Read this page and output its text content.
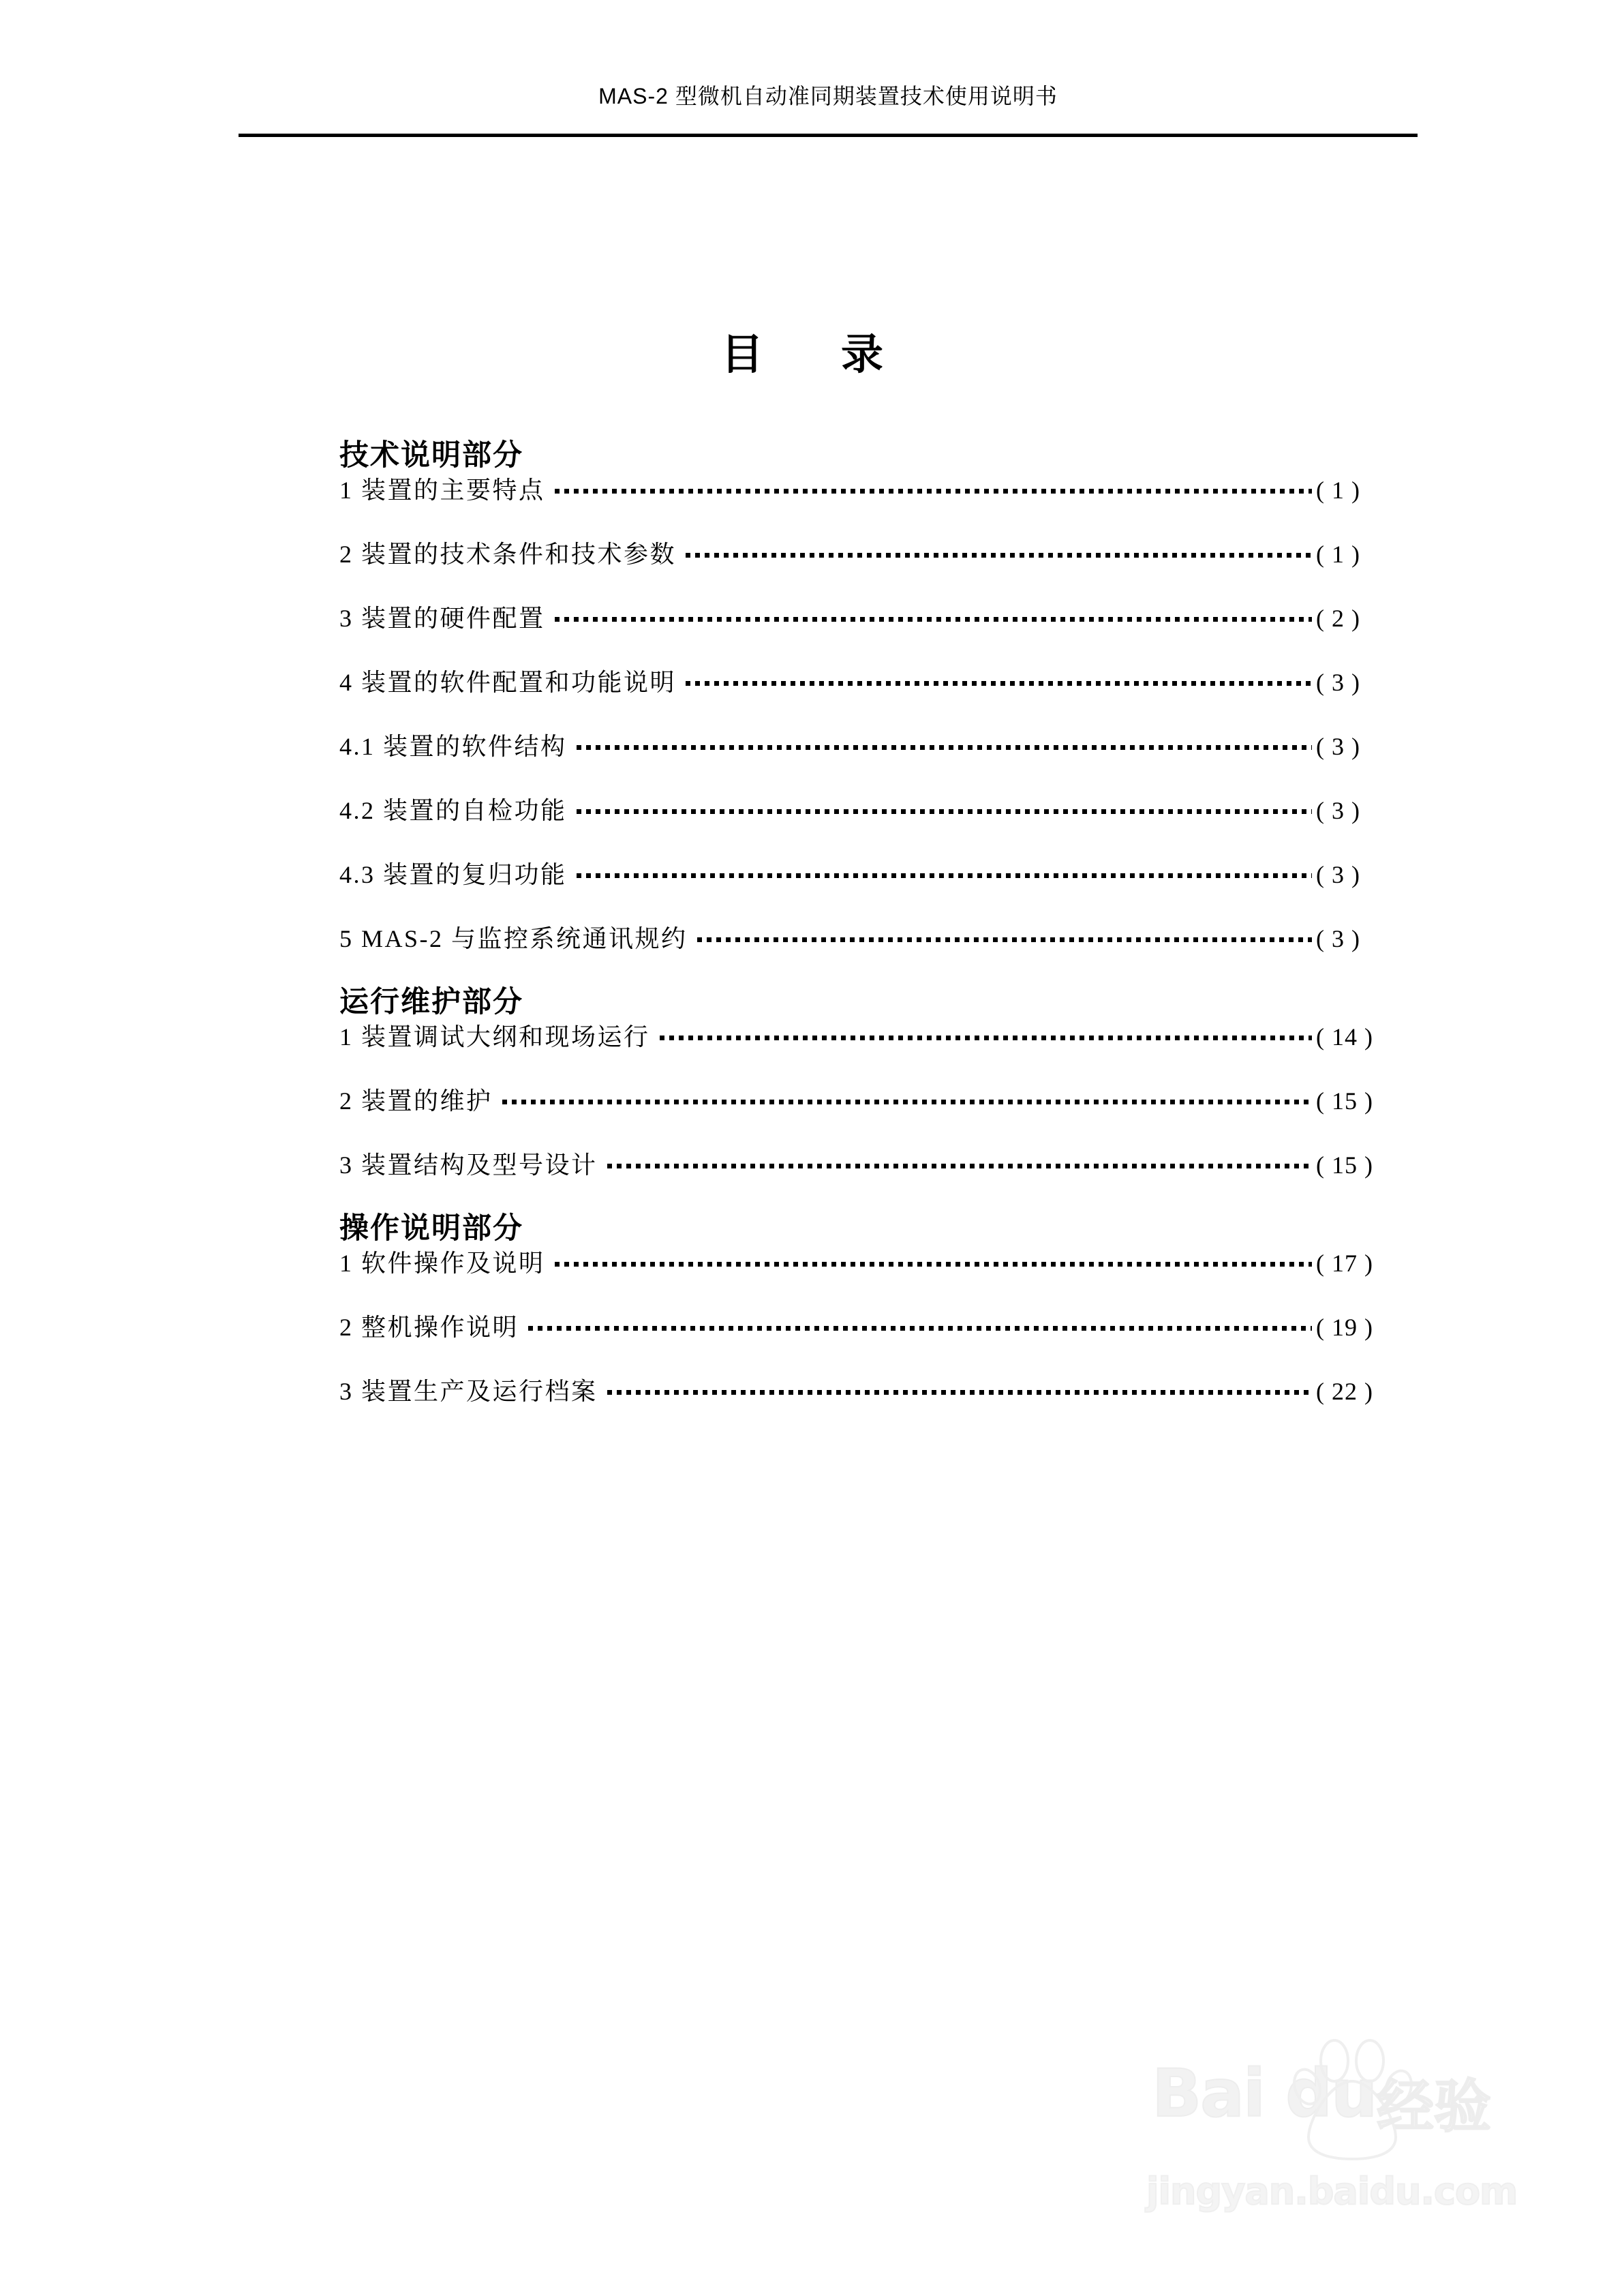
MAS-2 型微机自动准同期装置技术使用说明书
目　录
技术说明部分
1 装置的主要特点	( 1 )
2 装置的技术条件和技术参数	( 1 )
3 装置的硬件配置	( 2 )
4 装置的软件配置和功能说明	( 3 )
4.1 装置的软件结构	( 3 )
4.2 装置的自检功能	( 3 )
4.3 装置的复归功能	( 3 )
5 MAS-2 与监控系统通讯规约	( 3 )
运行维护部分
1 装置调试大纲和现场运行	( 14 )
2 装置的维护	( 15 )
3 装置结构及型号设计	( 15 )
操作说明部分
1 软件操作及说明	( 17 )
2 整机操作说明	( 19 )
3 装置生产及运行档案	( 22 )
Bai du 经验
jingyan.baidu.com
